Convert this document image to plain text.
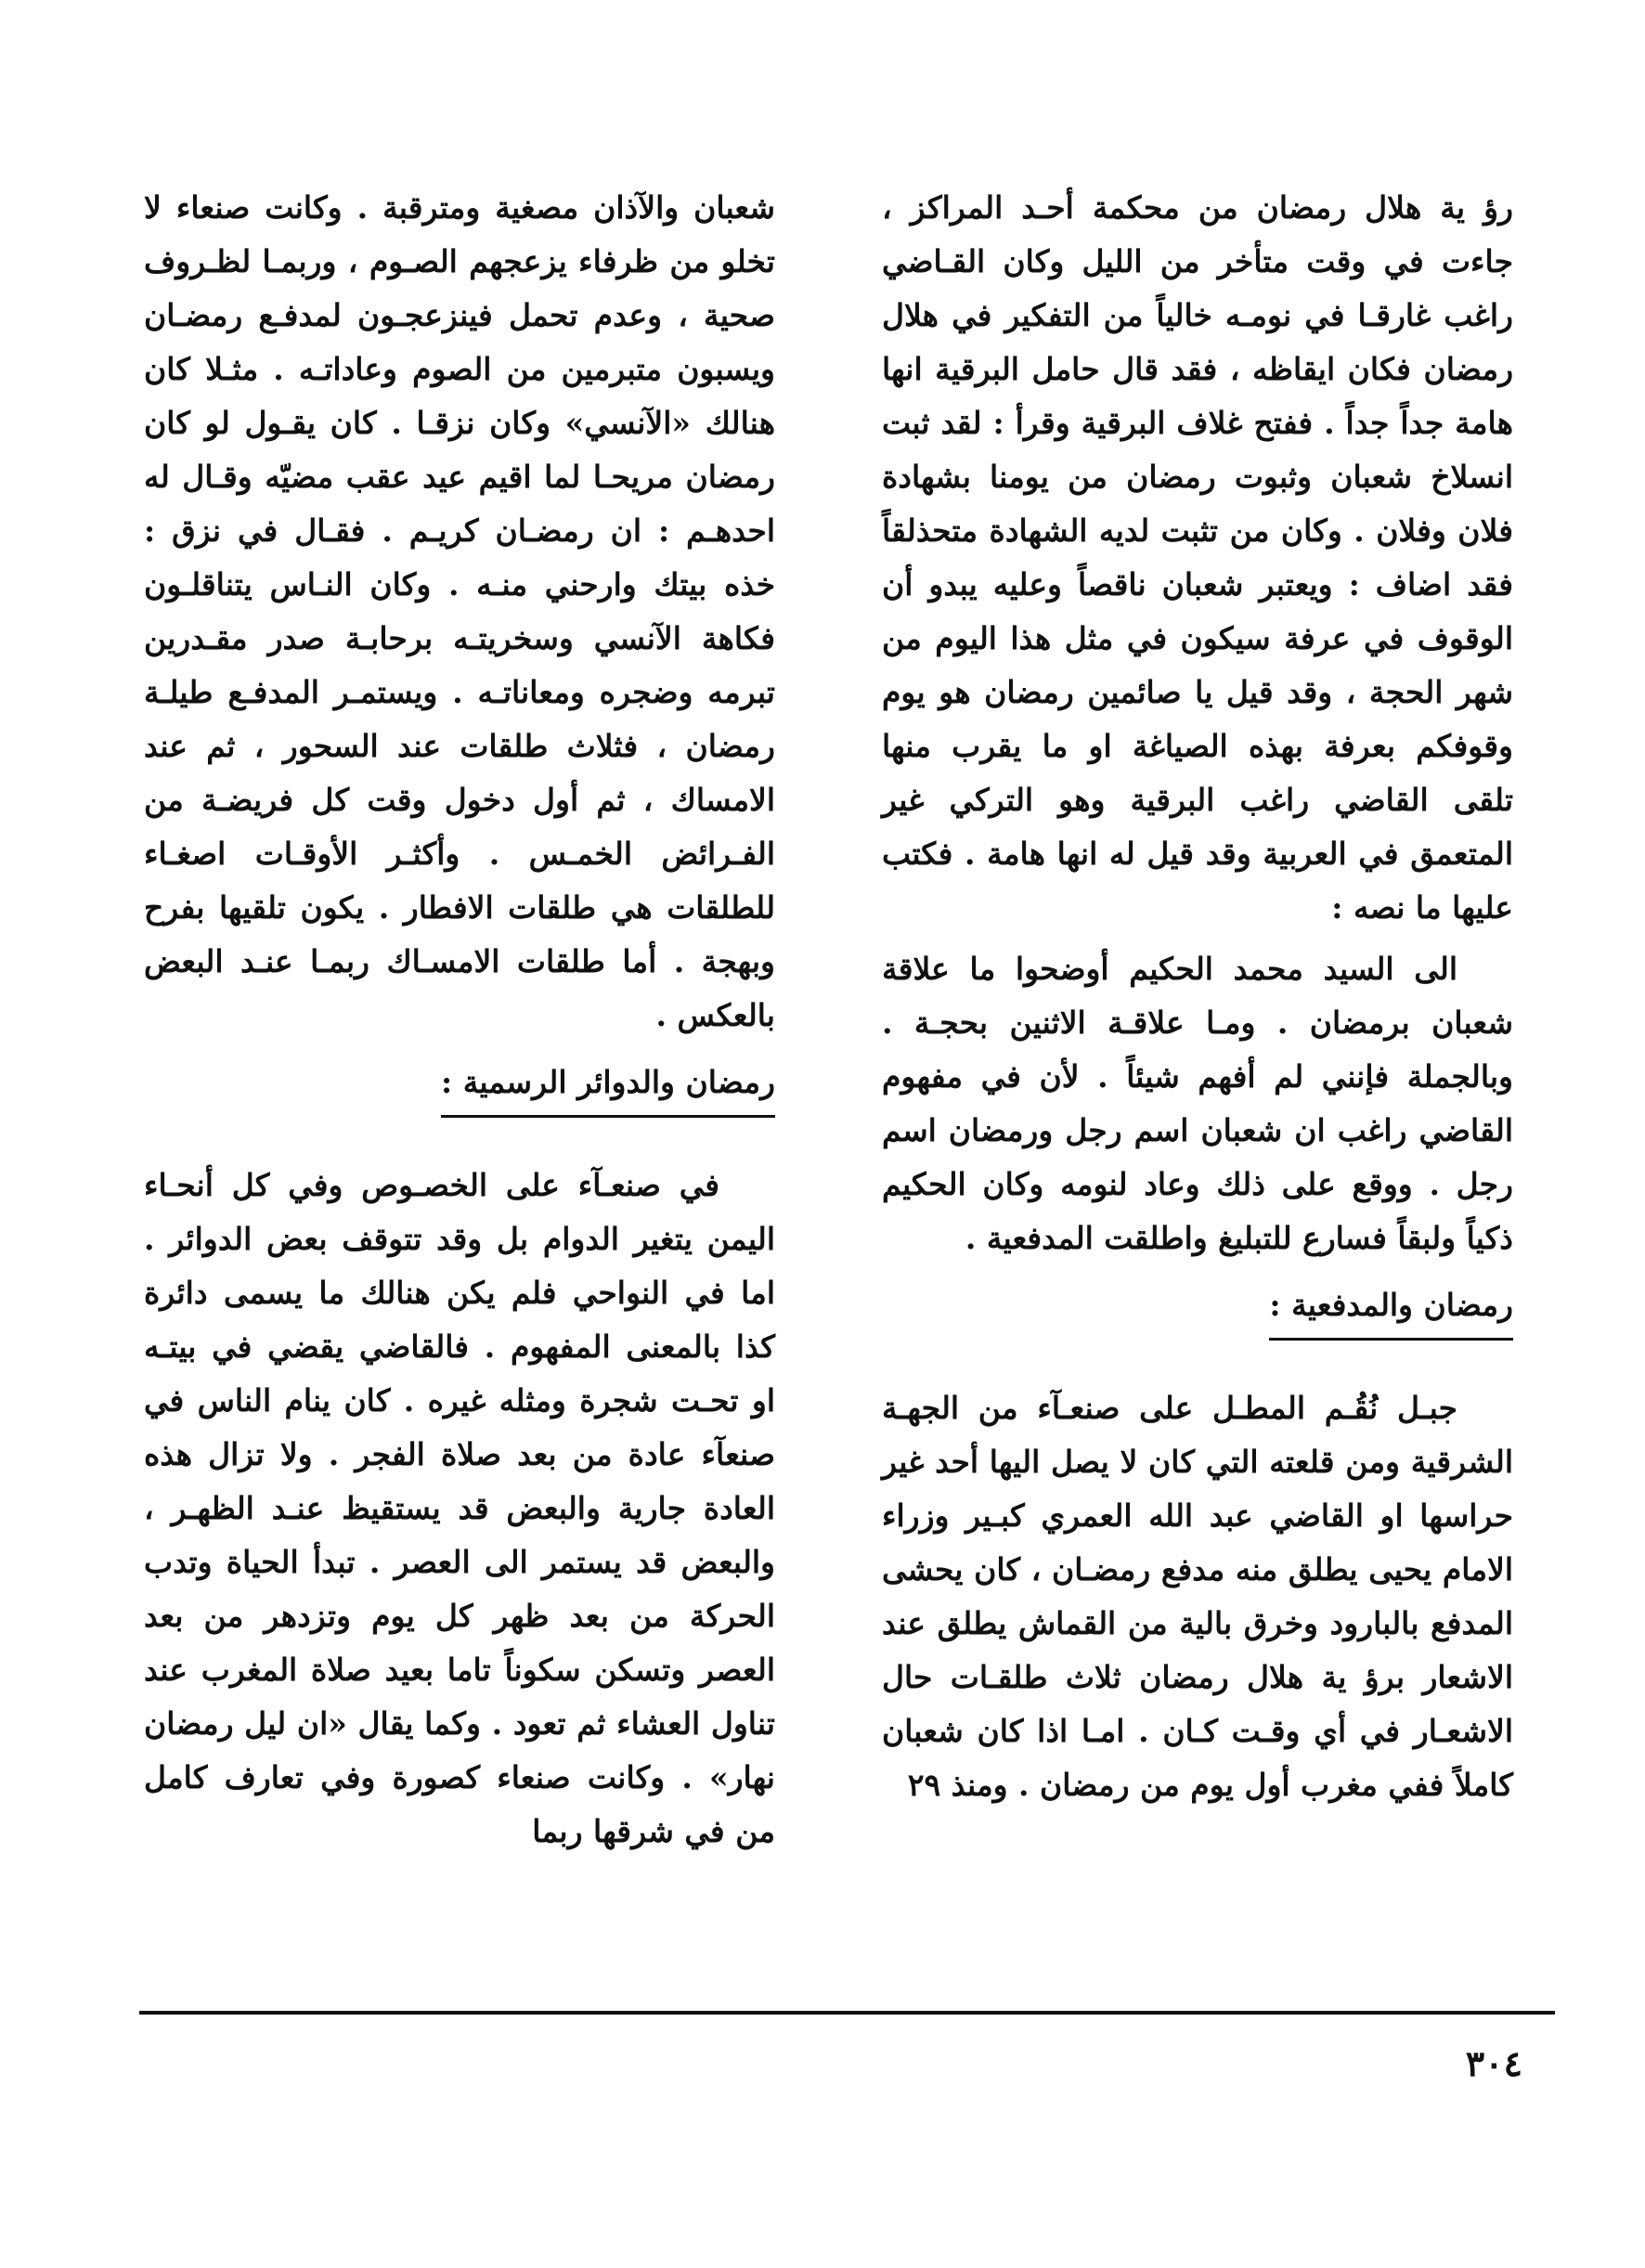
رؤ ية هلال رمضان من محكمة أحـد المراكز ، جاءت في وقت متأخر من الليل وكان القـاضي راغب غارقـا في نومـه خالياً من التفكير في هلال رمضان فكان ايقاظه ، فقد قال حامل البرقية انها هامة جداً جداً . ففتح غلاف البرقية وقرأ : لقد ثبت انسلاخ شعبان وثبوت رمضان من يومنا بشهادة فلان وفلان . وكان من تثبت لديه الشهادة متحذلقاً فقد اضاف : ويعتبر شعبان ناقصاً وعليه يبدو أن الوقوف في عرفة سيكون في مثل هذا اليوم من شهر الحجة ، وقد قيل يا صائمين رمضان هو يوم وقوفكم بعرفة بهذه الصياغة او ما يقرب منها تلقى القاضي راغب البرقية وهو التركي غير المتعمق في العربية وقد قيل له انها هامة . فكتب عليها ما نصه :

الى السيد محمد الحكيم أوضحوا ما علاقة شعبان برمضان . ومـا علاقـة الاثنين بحجـة . وبالجملة فإنني لم أفهم شيئاً . لأن في مفهوم القاضي راغب ان شعبان اسم رجل ورمضان اسم رجل . ووقع على ذلك وعاد لنومه وكان الحكيم ذكياً ولبقاً فسارع للتبليغ واطلقت المدفعية .

رمضان والمدفعية :

جبـل نُقُـم المطـل على صنعـآء من الجهـة الشرقية ومن قلعته التي كان لا يصل اليها أحد غير حراسها او القاضي عبد الله العمري كبـير وزراء الامام يحيى يطلق منه مدفع رمضـان ، كان يحشى المدفع بالبارود وخرق بالية من القماش يطلق عند الاشعار برؤ ية هلال رمضان ثلاث طلقـات حال الاشعـار في أي وقـت كـان . امـا اذا كان شعبان كاملاً ففي مغرب أول يوم من رمضان . ومنذ ٢٩

شعبان والآذان مصغية ومترقبة . وكانت صنعاء لا تخلو من ظرفاء يزعجهم الصـوم ، وربمـا لظـروف صحية ، وعدم تحمل فينزعجـون لمدفـع رمضـان ويسبون متبرمين من الصوم وعاداتـه . مثـلا كان هنالك «الآنسي» وكان نزقـا . كان يقـول لو كان رمضان مريحـا لما اقيم عيد عقب مضيّه وقـال له احدهـم : ان رمضـان كريـم . فقـال في نزق : خذه بيتك وارحني منـه . وكان النـاس يتناقلـون فكاهة الآنسي وسخريتـه برحابـة صدر مقـدرين تبرمه وضجره ومعاناتـه . ويستمـر المدفـع طيلـة رمضان ، فثلاث طلقات عند السحور ، ثم عند الامساك ، ثم أول دخول وقت كل فريضـة من الفـرائض الخمـس . وأكثـر الأوقـات اصغـاء للطلقات هي طلقات الافطار . يكون تلقيها بفرح وبهجة . أما طلقات الامسـاك ربمـا عنـد البعض بالعكس .

رمضان والدوائر الرسمية :

في صنعـآء على الخصـوص وفي كل أنحـاء اليمن يتغير الدوام بل وقد تتوقف بعض الدوائر . اما في النواحي فلم يكن هنالك ما يسمى دائرة كذا بالمعنى المفهوم . فالقاضي يقضي في بيتـه او تحـت شجرة ومثله غيره . كان ينام الناس في صنعآء عادة من بعد صلاة الفجر . ولا تزال هذه العادة جارية والبعض قد يستقيظ عنـد الظهـر ، والبعض قد يستمر الى العصر . تبدأ الحياة وتدب الحركة من بعد ظهر كل يوم وتزدهر من بعد العصر وتسكن سكوناً تاما بعيد صلاة المغرب عند تناول العشاء ثم تعود . وكما يقال «ان ليل رمضان نهار» . وكانت صنعاء كصورة وفي تعارف كامل من في شرقها ربما

٣٠٤
